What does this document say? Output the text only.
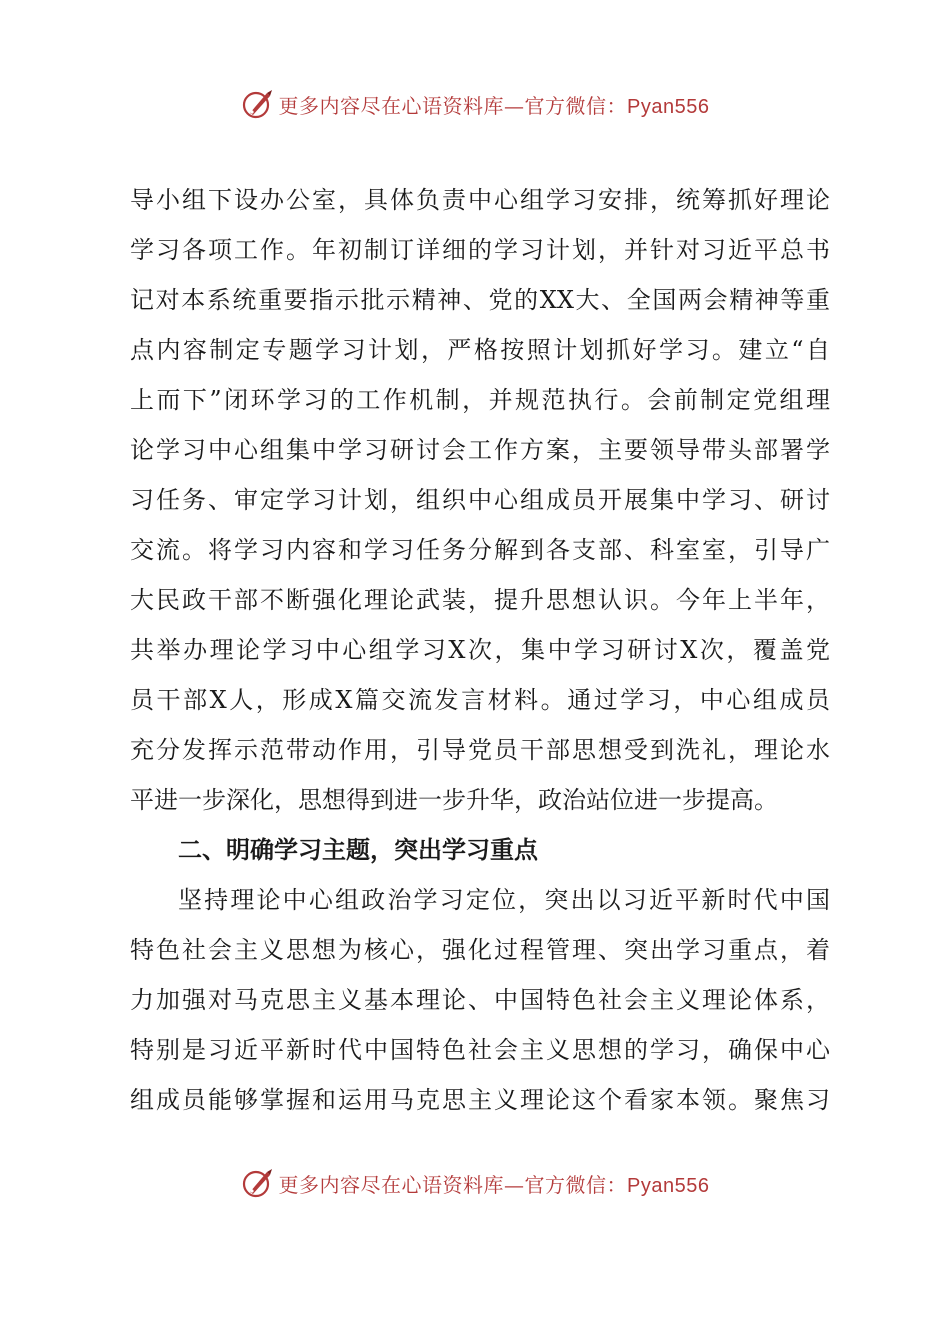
更多内容尽在心语资料库—官方微信：Pyan556
导小组下设办公室，具体负责中心组学习安排，统筹抓好理论
学习各项工作。年初制订详细的学习计划，并针对习近平总书
记对本系统重要指示批示精神、党的XX大、全国两会精神等重
点内容制定专题学习计划，严格按照计划抓好学习。建立“自
上而下”闭环学习的工作机制，并规范执行。会前制定党组理
论学习中心组集中学习研讨会工作方案，主要领导带头部署学
习任务、审定学习计划，组织中心组成员开展集中学习、研讨
交流。将学习内容和学习任务分解到各支部、科室室，引导广
大民政干部不断强化理论武装，提升思想认识。今年上半年，
共举办理论学习中心组学习X次，集中学习研讨X次，覆盖党
员干部X人，形成X篇交流发言材料。通过学习，中心组成员
充分发挥示范带动作用，引导党员干部思想受到洗礼，理论水
平进一步深化，思想得到进一步升华，政治站位进一步提高。
二、明确学习主题，突出学习重点
坚持理论中心组政治学习定位，突出以习近平新时代中国
特色社会主义思想为核心，强化过程管理、突出学习重点，着
力加强对马克思主义基本理论、中国特色社会主义理论体系，
特别是习近平新时代中国特色社会主义思想的学习，确保中心
组成员能够掌握和运用马克思主义理论这个看家本领。聚焦习
更多内容尽在心语资料库—官方微信：Pyan556
